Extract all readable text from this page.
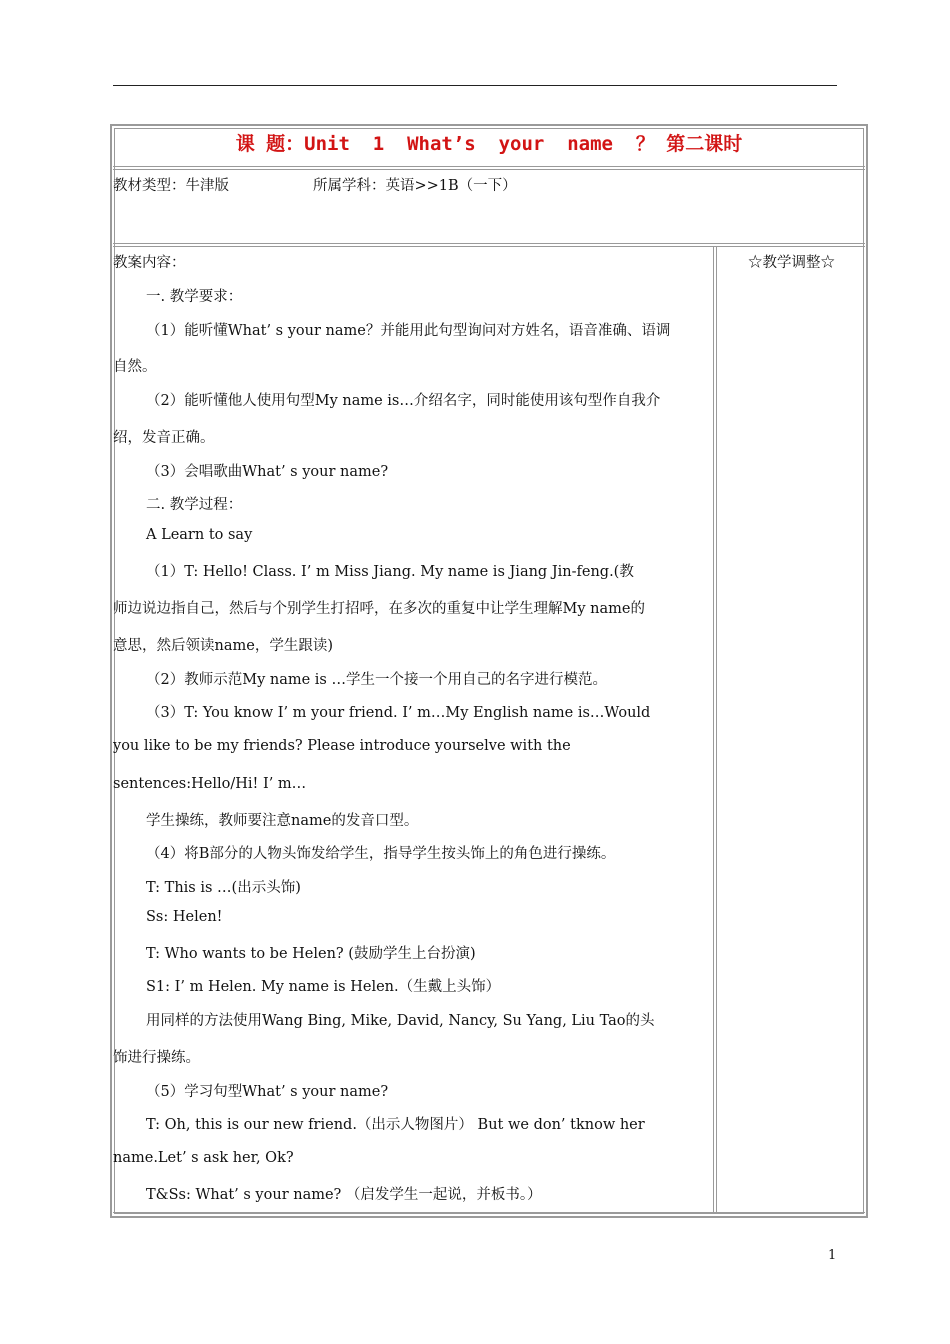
课 题：Unit  1  What’s  your  name  ？ 第二课时

教材类型：牛津版

	所属学科：英语>>1B（一下）

教案内容：

一. 教学要求：

（1）能听懂What’ s your name？并能用此句型询问对方姓名，语音准确、语调

自然。

（2）能听懂他人使用句型My name is…介绍名字，同时能使用该句型作自我介

绍，发音正确。

（3）会唱歌曲What’ s your name?

二. 教学过程：

A Learn to say

（1）T: Hello! Class. I’ m Miss Jiang. My name is Jiang Jin-feng.(教

师边说边指自己，然后与个别学生打招呼，在多次的重复中让学生理解My name的

意思，然后领读name，学生跟读)

（2）教师示范My name is …学生一个接一个用自己的名字进行模范。

（3）T: You know I’ m your friend. I’ m…My English name is…Would

you like to be my friends? Please introduce yourselve with the

sentences:Hello/Hi! I’ m…

学生操练，教师要注意name的发音口型。

（4）将B部分的人物头饰发给学生，指导学生按头饰上的角色进行操练。

T: This is …(出示头饰)

Ss: Helen!

T: Who wants to be Helen? (鼓励学生上台扮演)

S1: I’ m Helen. My name is Helen.（生戴上头饰）

用同样的方法使用Wang Bing, Mike, David, Nancy, Su Yang, Liu Tao的头

饰进行操练。

（5）学习句型What’ s your name?

T: Oh, this is our new friend.（出示人物图片） But we don’ tknow her

name.Let’ s ask her, Ok?

T&Ss: What’ s your name? （启发学生一起说，并板书。）

☆教学调整☆
1
